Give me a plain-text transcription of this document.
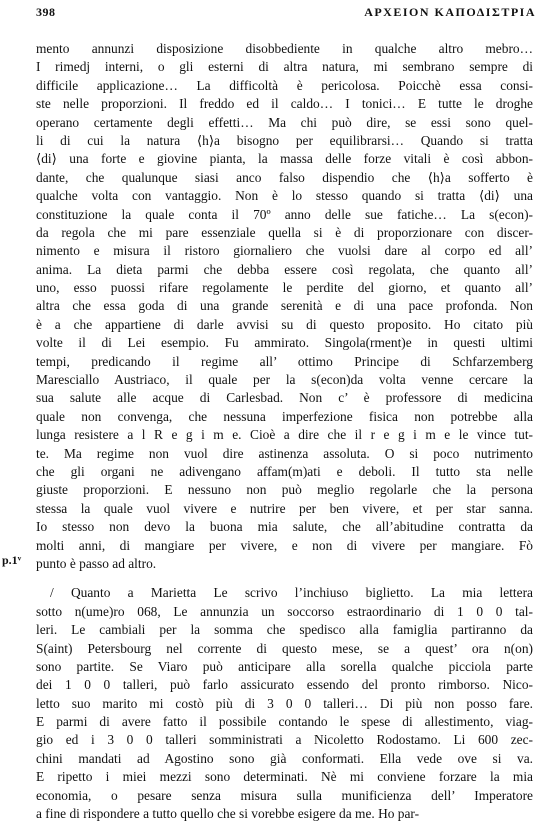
398	ΑΡΧΕΙΟΝ ΚΑΠΟΔΙΣΤΡΙΑ
p.1ᵛ
mento annunzi disposizione disobbediente in qualche altro mebro…
I rimedj interni, o gli esterni di altra natura, mi sembrano sempre di
difficile applicazione… La difficoltà è pericolosa. Poicchè essa consi-
ste nelle proporzioni. Il freddo ed il caldo… I tonici… E tutte le droghe
operano certamente degli effetti… Ma chi può dire, se essi sono quel-
li di cui la natura ⟨h⟩a bisogno per equilibrarsi… Quando si tratta
⟨di⟩ una forte e giovine pianta, la massa delle forze vitali è così abbon-
dante, che qualunque siasi anco falso dispendio che ⟨h⟩a sofferto è
qualche volta con vantaggio. Non è lo stesso quando si tratta ⟨di⟩ una
constituzione la quale conta il 70º anno delle sue fatiche… La s(econ)-
da regola che mi pare essenziale quella si è di proporzionare con discer-
nimento e misura il ristoro giornaliero che vuolsi dare al corpo ed all’
anima. La dieta parmi che debba essere così regolata, che quanto all’
uno, esso puossi rifare regolamente le perdite del giorno, et quanto all’
altra che essa goda di una grande serenità e di una pace profonda. Non
è a che appartiene di darle avvisi su di questo proposito. Ho citato più
volte il di Lei esempio. Fu ammirato. Singola(rment)e in questi ultimi
tempi, predicando il regime all’ ottimo Principe di Schfarzemberg
Maresciallo Austriaco, il quale per la s(econ)da volta venne cercare la
sua salute alle acque di Carlesbad. Non c’ è professore di medicina
quale non convenga, che nessuna imperfezione fisica non potrebbe alla
lunga resistere a l R e g i m e. Cioè a dire che il r e g i m e le vince tut-
te. Ma regime non vuol dire astinenza assoluta. O si poco nutrimento
che gli organi ne adivengano affam(m)ati e deboli. Il tutto sta nelle
giuste proporzioni. E nessuno non può meglio regolarle che la persona
stessa la quale vuol vivere e nutrire per ben vivere, et per star sanna.
Io stesso non devo la buona mia salute, che all’abitudine contratta da
molti anni, di mangiare per vivere, e non di vivere per mangiare. Fò
punto è passo ad altro.
/ Quanto a Marietta Le scrivo l’inchiuso biglietto. La mia lettera
sotto n(ume)ro 068, Le annunzia un soccorso estraordinario di 1 0 0 tal-
leri. Le cambiali per la somma che spedisco alla famiglia partiranno da
S(aint) Petersbourg nel corrente di questo mese, se a quest’ ora n(on)
sono partite. Se Viaro può anticipare alla sorella qualche picciola parte
dei 1 0 0 talleri, può farlo assicurato essendo del pronto rimborso. Nico-
letto suo marito mi costò più di 3 0 0 talleri… Di più non posso fare.
E parmi di avere fatto il possibile contando le spese di allestimento, viag-
gio ed i 3 0 0 talleri somministrati a Nicoletto Rodostamo. Li 600 zec-
chini mandati ad Agostino sono già conformati. Ella vede ove si va.
E ripetto i miei mezzi sono determinati. Nè mi conviene forzare la mia
economia, o pesare senza misura sulla munificienza dell’ Imperatore
a fine di rispondere a tutto quello che si vorebbe esigere da me. Ho par-
